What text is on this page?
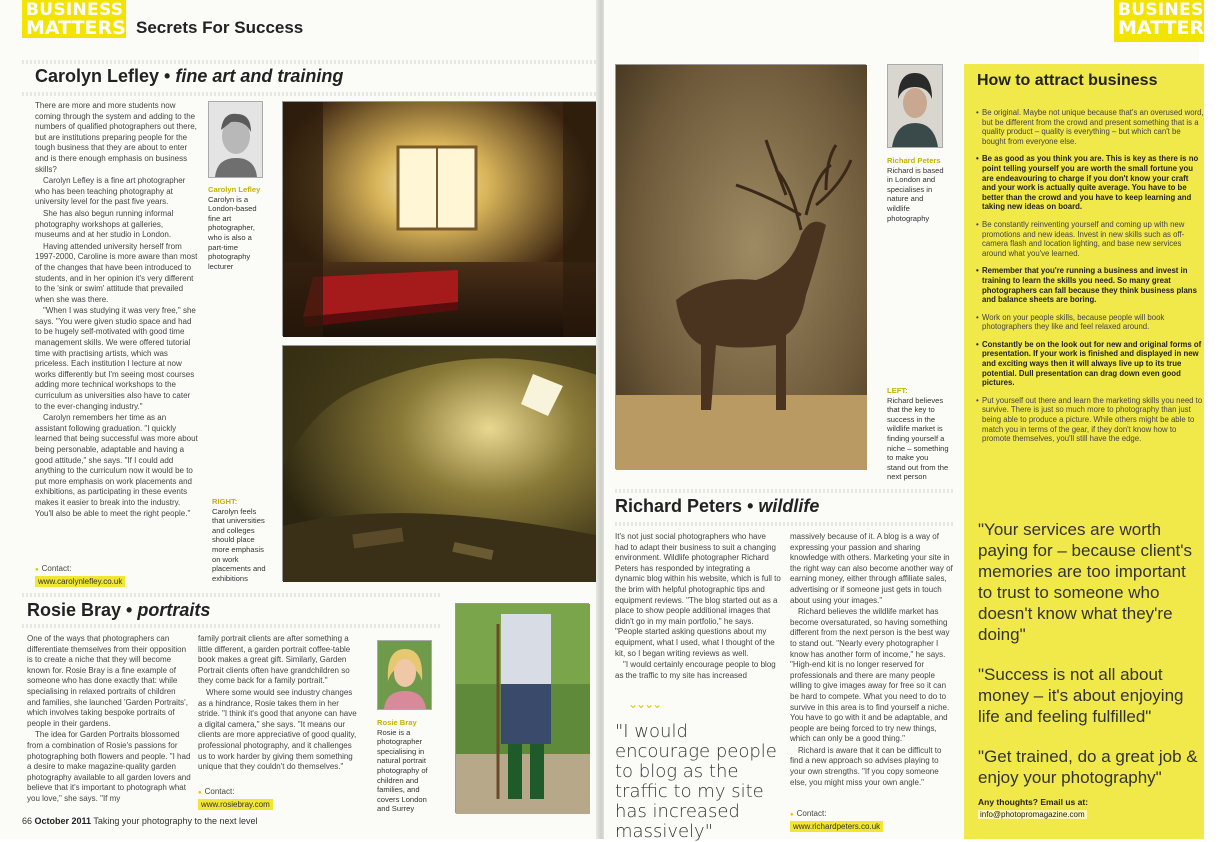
BUSINESS
MATTERS Secrets For Success
Carolyn Lefley • fine art and training

There are more and more students now coming through the system and adding to the numbers of qualified photographers out there, but are institutions preparing people for the tough business that they are about to enter and is there enough emphasis on business skills?

Carolyn Lefley is a fine art photographer who has been teaching photography at university level for the past five years.

She has also begun running informal photography workshops at galleries, museums and at her studio in London.

Having attended university herself from 1997-2000, Caroline is more aware than most of the changes that have been introduced to students, and in her opinion it's very different to the 'sink or swim' attitude that prevailed when she was there.

"When I was studying it was very free," she says. "You were given studio space and had to be hugely self-motivated with good time management skills. We were offered tutorial time with practising artists, which was priceless. Each institution I lecture at now works differently but I'm seeing most courses adding more technical workshops to the curriculum as universities also have to cater to the ever-changing industry."

Carolyn remembers her time as an assistant following graduation. "I quickly learned that being successful was more about being personable, adaptable and having a good attitude," she says. "If I could add anything to the curriculum now it would be to put more emphasis on work placements and exhibitions, as participating in these events makes it easier to break into the industry. You'll also be able to meet the right people."

● Contact:
www.carolynlefley.co.uk
Carolyn Lefley
Carolyn is a London-based fine art photographer, who is also a part-time photography lecturer
RIGHT:
Carolyn feels that universities and colleges should place more emphasis on work placements and exhibitions
Rosie Bray • portraits

One of the ways that photographers can differentiate themselves from their opposition is to create a niche that they will become known for. Rosie Bray is a fine example of someone who has done exactly that: while specialising in relaxed portraits of children and families, she launched 'Garden Portraits', which involves taking bespoke portraits of people in their gardens.

The idea for Garden Portraits blossomed from a combination of Rosie's passions for photographing both flowers and people. "I had a desire to make magazine-quality garden photography available to all garden lovers and believe that it's important to photograph what you love," she says. "If my

family portrait clients are after something a little different, a garden portrait coffee-table book makes a great gift. Similarly, Garden Portrait clients often have grandchildren so they come back for a family portrait."

Where some would see industry changes as a hindrance, Rosie takes them in her stride. "I think it's good that anyone can have a digital camera," she says. "It means our clients are more appreciative of good quality, professional photography, and it challenges us to work harder by giving them something unique that they couldn't do themselves."

● Contact:
www.rosiebray.com
Rosie Bray
Rosie is a photographer specialising in natural portrait photography of children and families, and covers London and Surrey
66 October 2011 Taking your photography to the next level
BUSINESS
MATTERS
Richard Peters
Richard is based in London and specialises in nature and wildlife photography
LEFT:
Richard believes that the key to success in the wildlife market is finding yourself a niche – something to make you stand out from the next person
Richard Peters • wildlife

It's not just social photographers who have had to adapt their business to suit a changing environment. Wildlife photographer Richard Peters has responded by integrating a dynamic blog within his website, which is full to the brim with helpful photographic tips and equipment reviews. "The blog started out as a place to show people additional images that didn't go in my main portfolio," he says. "People started asking questions about my equipment, what I used, what I thought of the kit, so I began writing reviews as well.

"I would certainly encourage people to blog as the traffic to my site has increased

⌄⌄⌄⌄
"I would encourage people to blog as the traffic to my site has increased massively"

massively because of it. A blog is a way of expressing your passion and sharing knowledge with others. Marketing your site in the right way can also become another way of earning money, either through affiliate sales, advertising or if someone just gets in touch about using your images."

Richard believes the wildlife market has become oversaturated, so having something different from the next person is the best way to stand out. "Nearly every photographer I know has another form of income," he says. "High-end kit is no longer reserved for professionals and there are many people willing to give images away for free so it can be hard to compete. What you need to do to survive in this area is to find yourself a niche. You have to go with it and be adaptable, and people are being forced to try new things, which can only be a good thing."

Richard is aware that it can be difficult to find a new approach so advises playing to your own strengths. "If you copy someone else, you might miss your own angle."

● Contact:
www.richardpeters.co.uk
How to attract business
• Be original. Maybe not unique because that's an overused word, but be different from the crowd and present something that is a quality product – quality is everything – but which can't be bought from everyone else.
• Be as good as you think you are. This is key as there is no point telling yourself you are worth the small fortune you are endeavouring to charge if you don't know your craft and your work is actually quite average. You have to be better than the crowd and you have to keep learning and taking new ideas on board.
• Be constantly reinventing yourself and coming up with new promotions and new ideas. Invest in new skills such as off-camera flash and location lighting, and base new services around what you've learned.
• Remember that you're running a business and invest in training to learn the skills you need. So many great photographers can fall because they think business plans and balance sheets are boring.
• Work on your people skills, because people will book photographers they like and feel relaxed around.
• Constantly be on the look out for new and original forms of presentation. If your work is finished and displayed in new and exciting ways then it will always live up to its true potential. Dull presentation can drag down even good pictures.
• Put yourself out there and learn the marketing skills you need to survive. There is just so much more to photography than just being able to produce a picture. While others might be able to match you in terms of the gear, if they don't know how to promote themselves, you'll still have the edge.
"Your services are worth paying for – because client's memories are too important to trust to someone who doesn't know what they're doing"
"Success is not all about money – it's about enjoying life and feeling fulfilled"
"Get trained, do a great job & enjoy your photography"
Any thoughts? Email us at:
info@photopromagazine.com
